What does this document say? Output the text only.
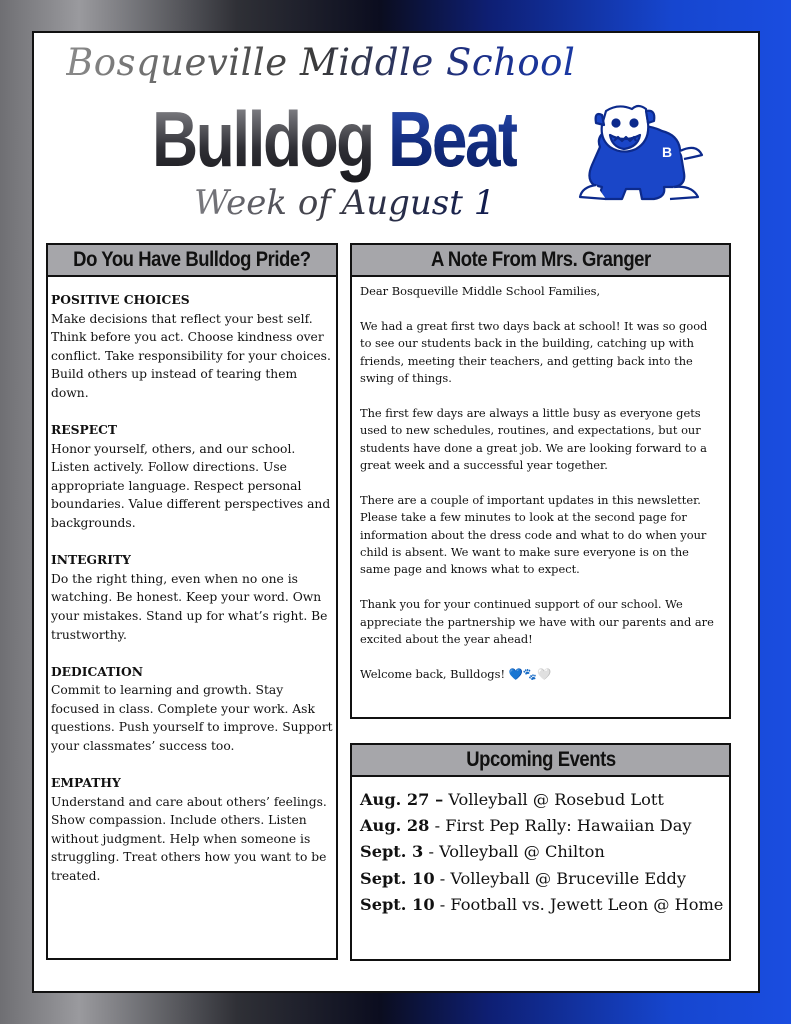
Bosqueville Middle School
Bulldog Beat
Week of August 17
B
Do You Have Bulldog Pride?
POSITIVE CHOICES
Make decisions that reflect your best self. Think before you act. Choose kindness over conflict. Take responsibility for your choices. Build others up instead of tearing them down.
RESPECT
Honor yourself, others, and our school. Listen actively. Follow directions. Use appropriate language. Respect personal boundaries. Value different perspectives and backgrounds.
INTEGRITY
Do the right thing, even when no one is watching. Be honest. Keep your word. Own your mistakes. Stand up for what’s right. Be trustworthy.
DEDICATION
Commit to learning and growth. Stay focused in class. Complete your work. Ask questions. Push yourself to improve. Support your classmates’ success too.
EMPATHY
Understand and care about others’ feelings. Show compassion. Include others. Listen without judgment. Help when someone is struggling. Treat others how you want to be treated.
A Note From Mrs. Granger

Dear Bosqueville Middle School Families,

We had a great first two days back at school! It was so good to see our students back in the building, catching up with friends, meeting their teachers, and getting back into the swing of things.

The first few days are always a little busy as everyone gets used to new schedules, routines, and expectations, but our students have done a great job. We are looking forward to a great week and a successful year together.

There are a couple of important updates in this newsletter. Please take a few minutes to look at the second page for information about the dress code and what to do when your child is absent. We want to make sure everyone is on the same page and knows what to expect.

Thank you for your continued support of our school. We appreciate the partnership we have with our parents and are excited about the year ahead!

Welcome back, Bulldogs! 💙🐾🤍

Upcoming Events
Aug. 27 – Volleyball @ Rosebud Lott
Aug. 28 - First Pep Rally: Hawaiian Day
Sept. 3 - Volleyball @ Chilton
Sept. 10 - Volleyball @ Bruceville Eddy
Sept. 10 - Football vs. Jewett Leon @ Home
